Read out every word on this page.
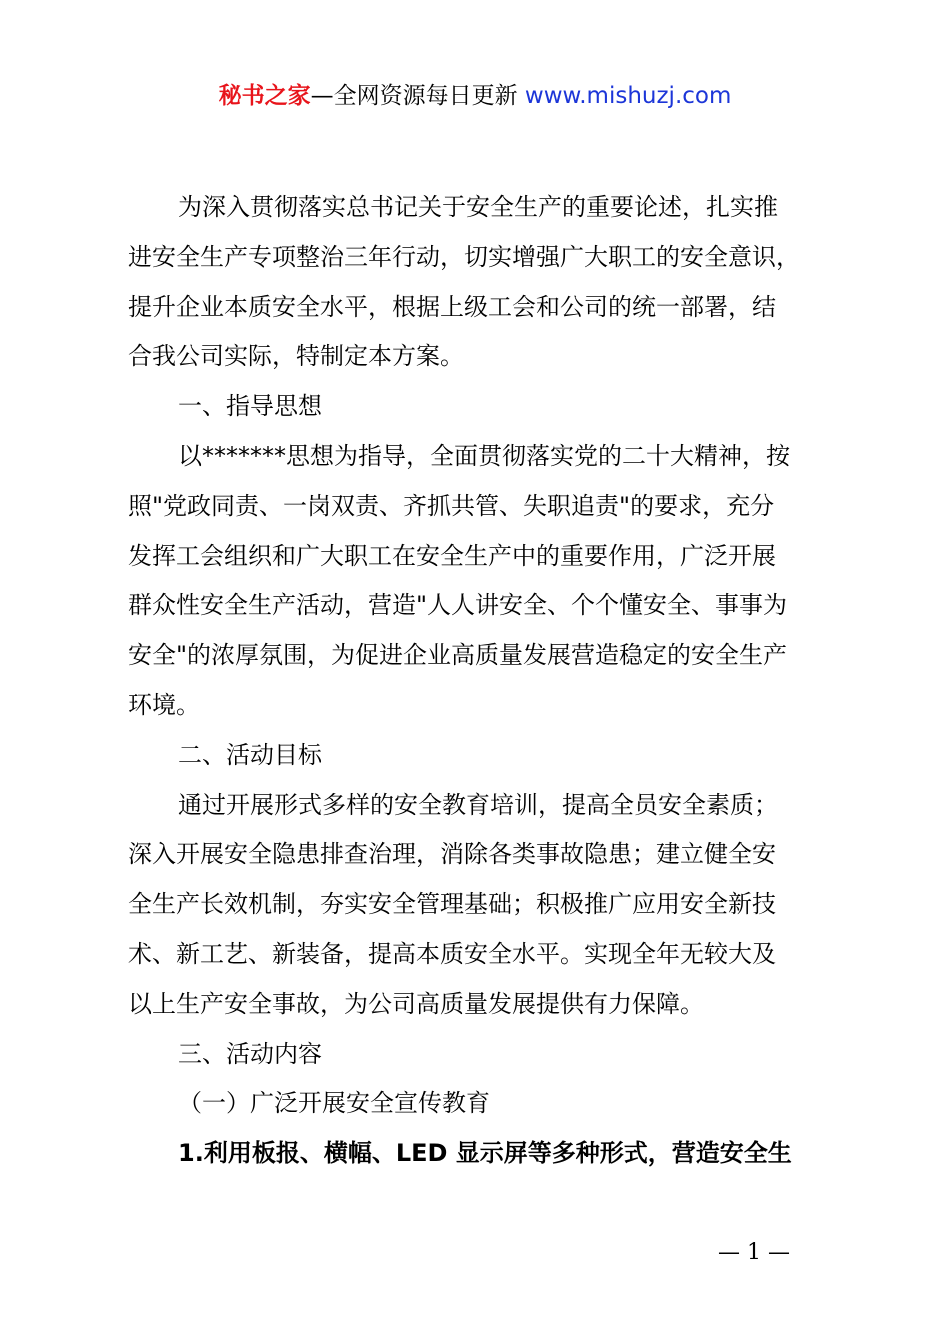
秘书之家—全网资源每日更新 www.mishuzj.com

为深入贯彻落实总书记关于安全生产的重要论述，扎实推
进安全生产专项整治三年行动，切实增强广大职工的安全意识，
提升企业本质安全水平，根据上级工会和公司的统一部署，结
合我公司实际，特制定本方案。

一、指导思想

以*******思想为指导，全面贯彻落实党的二十大精神，按
照"党政同责、一岗双责、齐抓共管、失职追责"的要求，充分
发挥工会组织和广大职工在安全生产中的重要作用，广泛开展
群众性安全生产活动，营造"人人讲安全、个个懂安全、事事为
安全"的浓厚氛围，为促进企业高质量发展营造稳定的安全生产
环境。

二、活动目标

通过开展形式多样的安全教育培训，提高全员安全素质；
深入开展安全隐患排查治理，消除各类事故隐患；建立健全安
全生产长效机制，夯实安全管理基础；积极推广应用安全新技
术、新工艺、新装备，提高本质安全水平。实现全年无较大及
以上生产安全事故，为公司高质量发展提供有力保障。

三、活动内容

（一）广泛开展安全宣传教育

1.利用板报、横幅、LED 显示屏等多种形式，营造安全生

— 1 —
